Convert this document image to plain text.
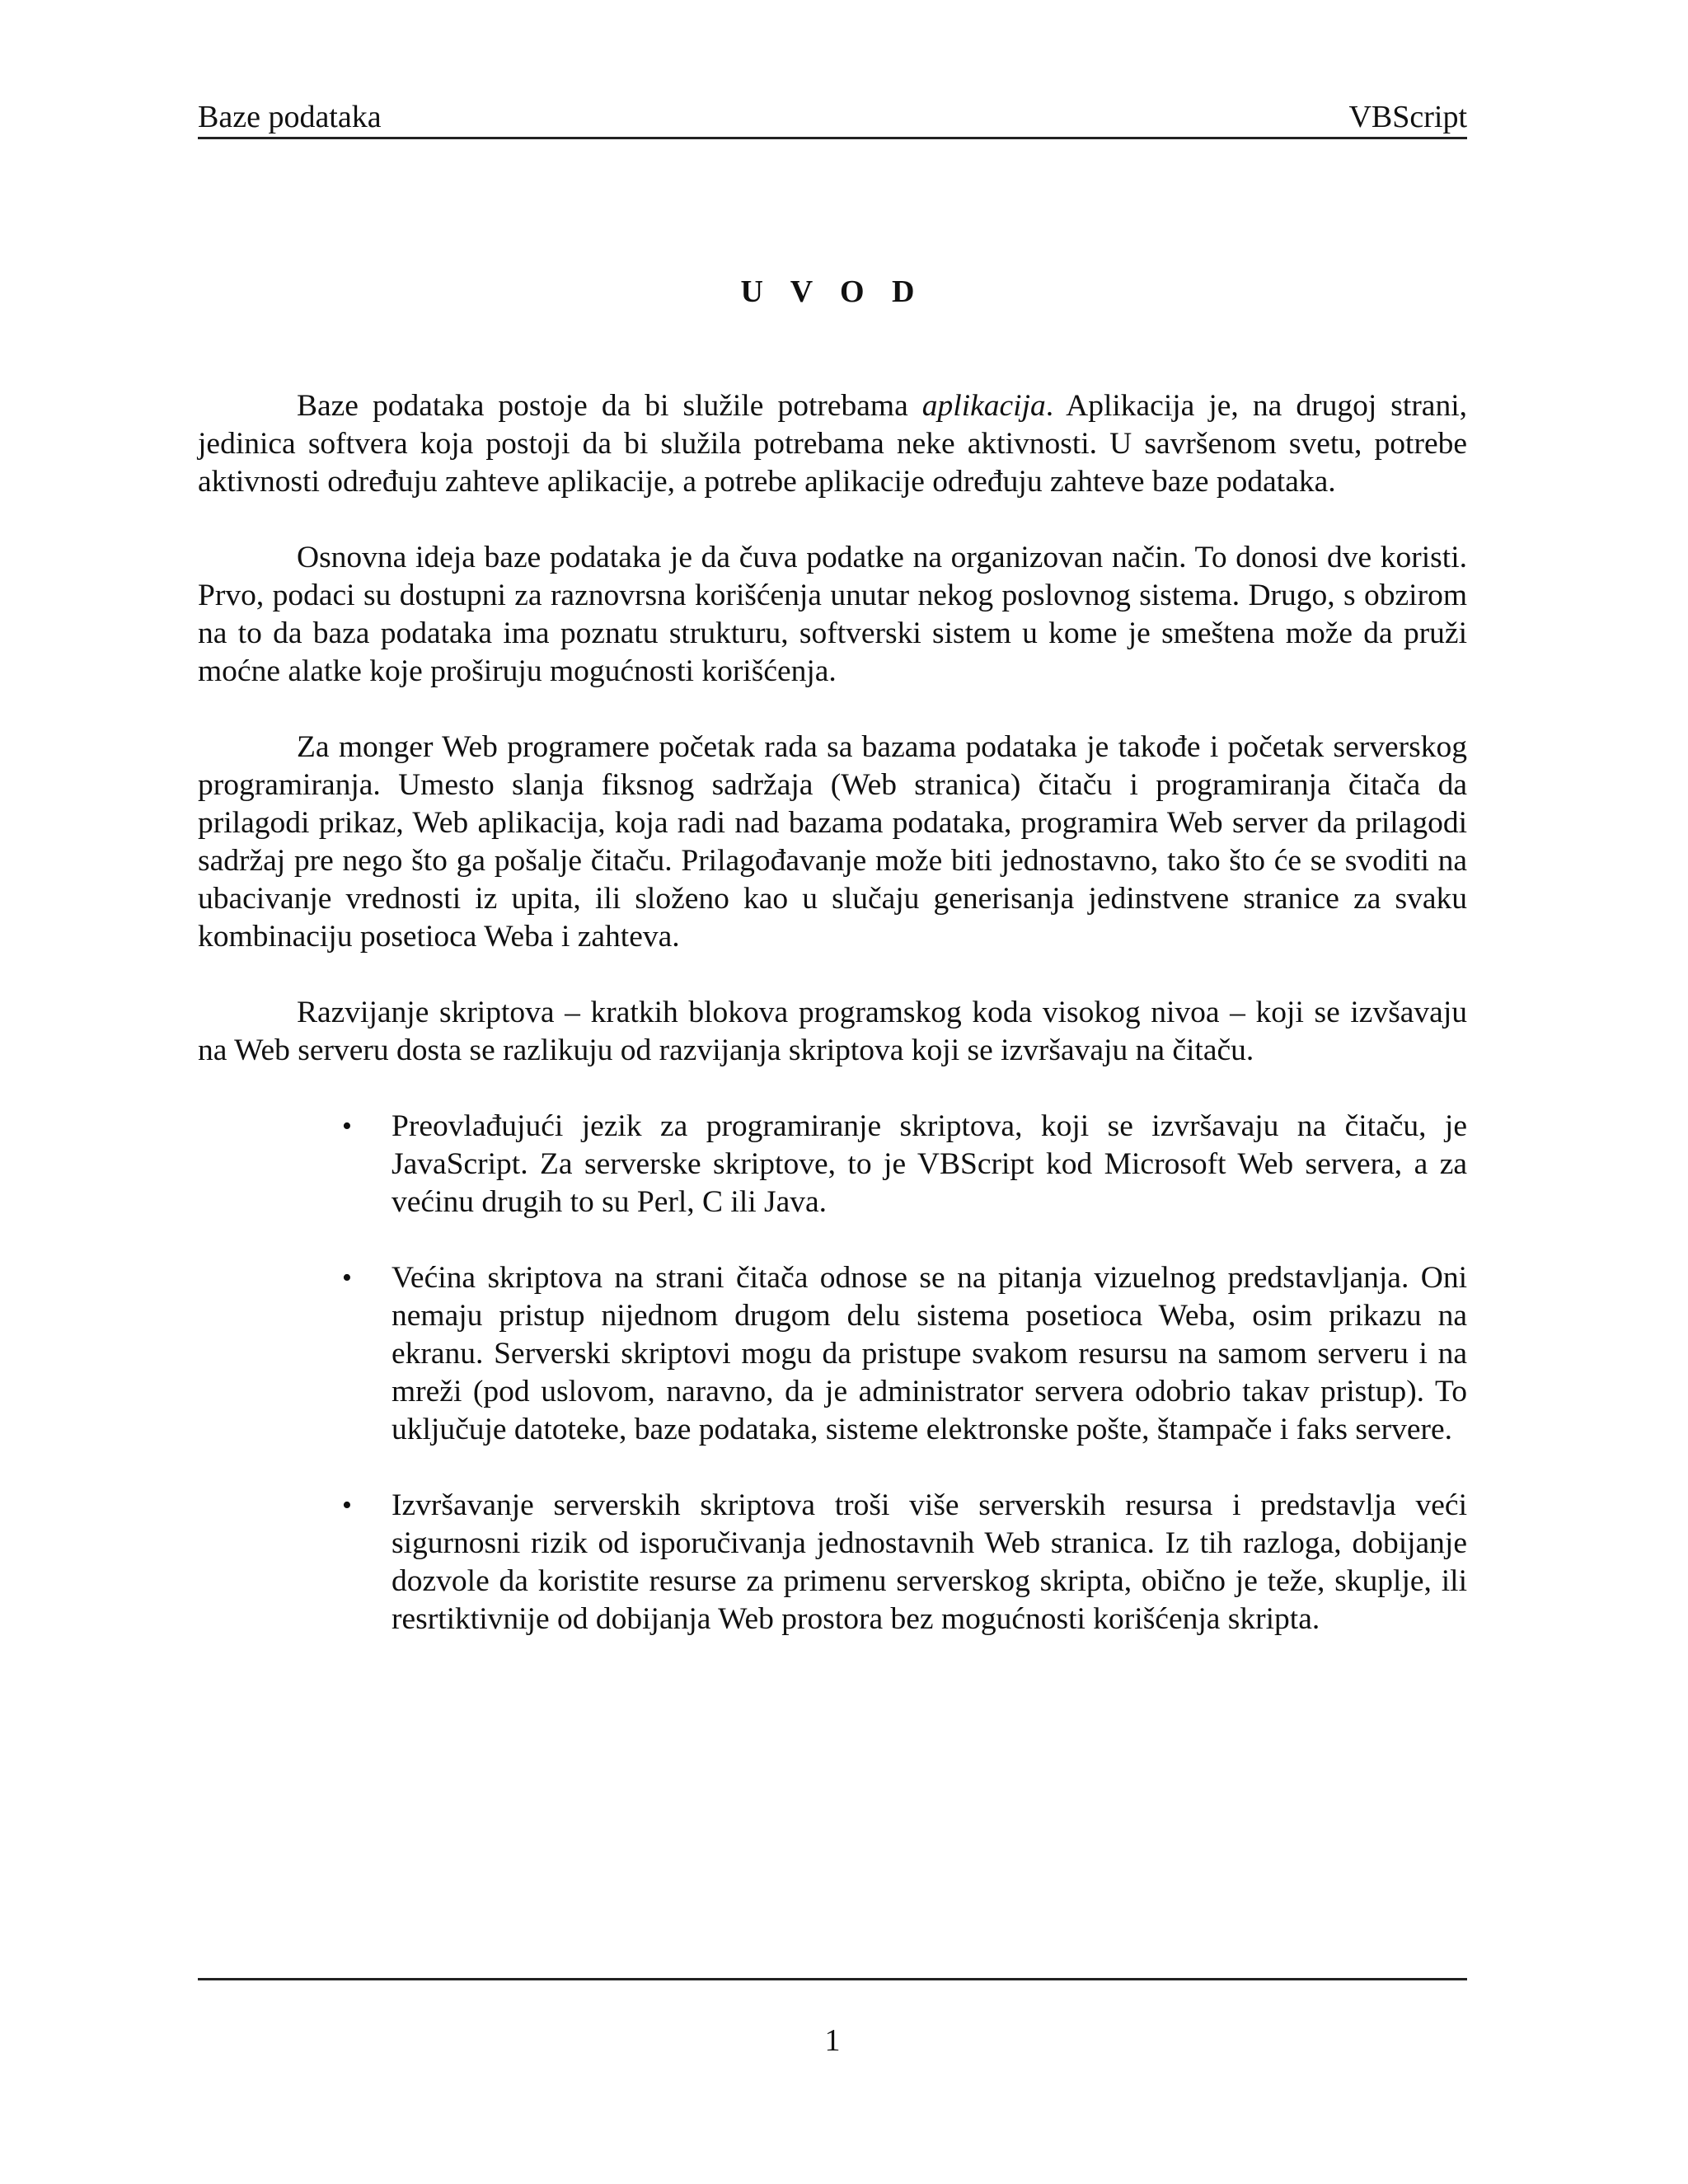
Baze podataka	VBScript
U V O D

Baze podataka postoje da bi služile potrebama aplikacija. Aplikacija je, na drugoj strani, jedinica softvera koja postoji da bi služila potrebama neke aktivnosti. U savršenom svetu, potrebe aktivnosti određuju zahteve aplikacije, a potrebe aplikacije određuju zahteve baze podataka.

Osnovna ideja baze podataka je da čuva podatke na organizovan način. To donosi dve koristi. Prvo, podaci su dostupni za raznovrsna korišćenja unutar nekog poslovnog sistema. Drugo, s obzirom na to da baza podataka ima poznatu strukturu, softverski sistem u kome je smeštena može da pruži moćne alatke koje proširuju mogućnosti korišćenja.

Za monger Web programere početak rada sa bazama podataka je takođe i početak serverskog programiranja. Umesto slanja fiksnog sadržaja (Web stranica) čitaču i programiranja čitača da prilagodi prikaz, Web aplikacija, koja radi nad bazama podataka, programira Web server da prilagodi sadržaj pre nego što ga pošalje čitaču. Prilagođavanje može biti jednostavno, tako što će se svoditi na ubacivanje vrednosti iz upita, ili složeno kao u slučaju generisanja jedinstvene stranice za svaku kombinaciju posetioca Weba i zahteva.

Razvijanje skriptova – kratkih blokova programskog koda visokog nivoa – koji se izvšavaju na Web serveru dosta se razlikuju od razvijanja skriptova koji se izvršavaju na čitaču.

• Preovlađujući jezik za programiranje skriptova, koji se izvršavaju na čitaču, je JavaScript. Za serverske skriptove, to je VBScript kod Microsoft Web servera, a za većinu drugih to su Perl, C ili Java.
• Većina skriptova na strani čitača odnose se na pitanja vizuelnog predstavljanja. Oni nemaju pristup nijednom drugom delu sistema posetioca Weba, osim prikazu na ekranu. Serverski skriptovi mogu da pristupe svakom resursu na samom serveru i na mreži (pod uslovom, naravno, da je administrator servera odobrio takav pristup). To uključuje datoteke, baze podataka, sisteme elektronske pošte, štampače i faks servere.
• Izvršavanje serverskih skriptova troši više serverskih resursa i predstavlja veći sigurnosni rizik od isporučivanja jednostavnih Web stranica. Iz tih razloga, dobijanje dozvole da koristite resurse za primenu serverskog skripta, obično je teže, skuplje, ili resrtiktivnije od dobijanja Web prostora bez mogućnosti korišćenja skripta.
1
